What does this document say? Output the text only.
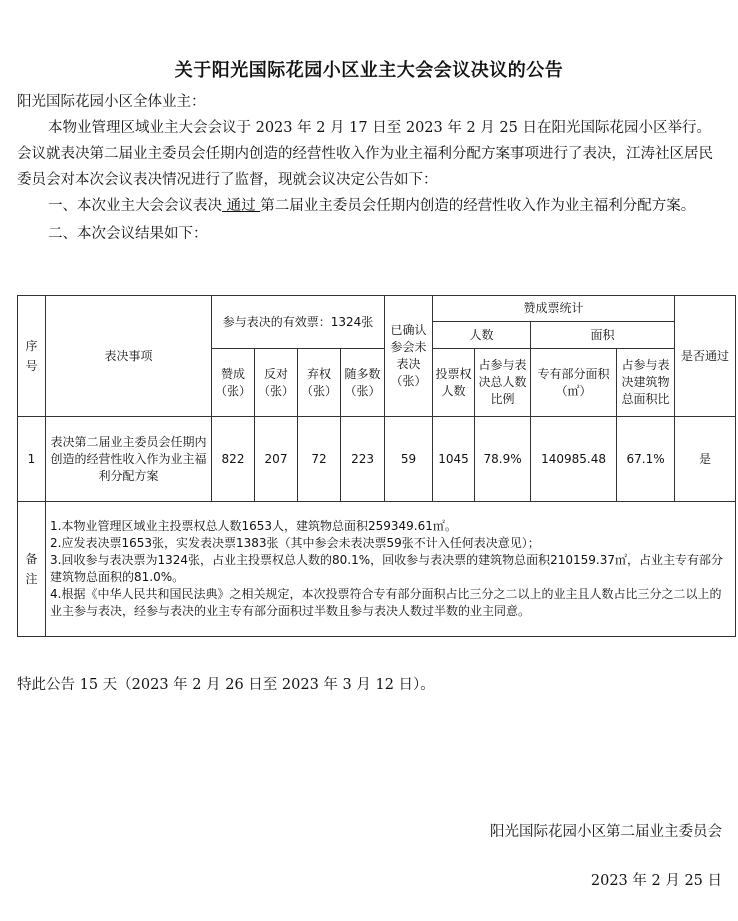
关于阳光国际花园小区业主大会会议决议的公告
阳光国际花园小区全体业主：
本物业管理区域业主大会会议于 2023 年 2 月 17 日至 2023 年 2 月 25 日在阳光国际花园小区举行。会议就表决第二届业主委员会任期内创造的经营性收入作为业主福利分配方案事项进行了表决，江涛社区居民委员会对本次会议表决情况进行了监督，现就会议决定公告如下：
一、本次业主大会会议表决 通过 第二届业主委员会任期内创造的经营性收入作为业主福利分配方案。
二、本次会议结果如下：
序号	表决事项	参与表决的有效票：1324张				已确认参会未表决（张）	赞成票统计				是否通过
							人数		面积		
		赞成（张）	反对（张）	弃权（张）	随多数（张）		投票权人数	占参与表决总人数比例	专有部分面积（㎡）	占参与表决建筑物总面积比	
1	表决第二届业主委员会任期内创造的经营性收入作为业主福利分配方案	822	207	72	223	59	1045	78.9%	140985.48	67.1%	是
备注	1.本物业管理区域业主投票权总人数1653人，建筑物总面积259349.61㎡。
2.应发表决票1653张，实发表决票1383张（其中参会未表决票59张不计入任何表决意见）；
3.回收参与表决票为1324张，占业主投票权总人数的80.1%，回收参与表决票的建筑物总面积210159.37㎡，占业主专有部分建筑物总面积的81.0%。
4.根据《中华人民共和国民法典》之相关规定，本次投票符合专有部分面积占比三分之二以上的业主且人数占比三分之二以上的业主参与表决，经参与表决的业主专有部分面积过半数且参与表决人数过半数的业主同意。										
特此公告 15 天（2023 年 2 月 26 日至 2023 年 3 月 12 日）。
阳光国际花园小区第二届业主委员会
2023 年 2 月 25 日
